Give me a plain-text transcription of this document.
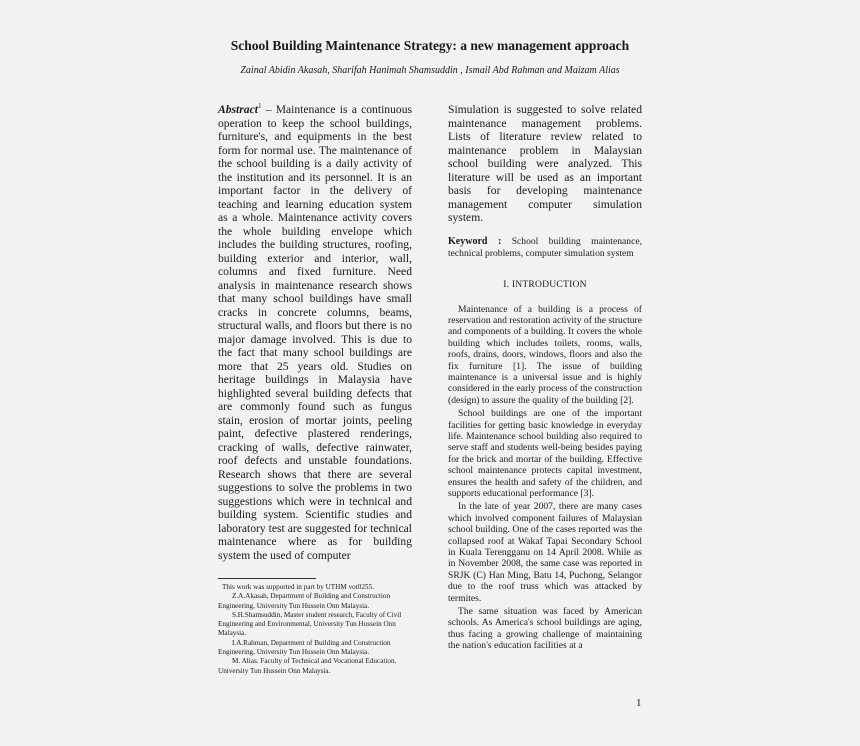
School Building Maintenance Strategy: a new management approach
Zainal Abidin Akasah, Sharifah Hanimah Shamsuddin , Ismail Abd Rahman and Maizam Alias
Abstract$^1$ – Maintenance is a continuous operation to keep the school buildings, furniture's, and equipments in the best form for normal use. The maintenance of the school building is a daily activity of the institution and its personnel. It is an important factor in the delivery of teaching and learning education system as a whole. Maintenance activity covers the whole building envelope which includes the building structures, roofing, building exterior and interior, wall, columns and fixed furniture. Need analysis in maintenance research shows that many school buildings have small cracks in concrete columns, beams, structural walls, and floors but there is no major damage involved. This is due to the fact that many school buildings are more that 25 years old. Studies on heritage buildings in Malaysia have highlighted several building defects that are commonly found such as fungus stain, erosion of mortar joints, peeling paint, defective plastered renderings, cracking of walls, defective rainwater, roof defects and unstable foundations. Research shows that there are several suggestions to solve the problems in two suggestions which were in technical and building system. Scientific studies and laboratory test are suggested for technical maintenance where as for building system the used of computer

Simulation is suggested to solve related maintenance management problems. Lists of literature review related to maintenance problem in Malaysian school building were analyzed. This literature will be used as an important basis for developing maintenance management computer simulation system.

Keyword : School building maintenance, technical problems, computer simulation system

I. INTRODUCTION

Maintenance of a building is a process of reservation and restoration activity of the structure and components of a building. It covers the whole building which includes toilets, rooms, walls, roofs, drains, doors, windows, floors and also the fix furniture [1]. The issue of building maintenance is a universal issue and is highly considered in the early process of the construction (design) to assure the quality of the building [2].

School buildings are one of the important facilities for getting basic knowledge in everyday life. Maintenance school building also required to serve staff and students well-being besides paying for the brick and mortar of the building. Effective school maintenance protects capital investment, ensures the health and safety of the children, and supports educational performance [3].

In the late of year 2007, there are many cases which involved component failures of Malaysian school building. One of the cases reported was the collapsed roof at Wakaf Tapai Secondary School in Kuala Terengganu on 14 April 2008. While as in November 2008, the same case was reported in SRJK (C) Han Ming, Batu 14, Puchong, Selangor due to the roof truss which was attacked by termites.

The same situation was faced by American schools. As America's school buildings are aging, thus facing a growing challenge of maintaining the nation's education facilities at a

This work was supported in part by UTHM vot0255.

Z.A.Akasah, Department of Building and Construction Engineering, University Tun Hussein Onn Malaysia.

S.H.Shamsuddin, Master student research, Faculty of Civil Engineering and Environmental, University Tun Hussein Onn Malaysia.

I.A.Rahman, Department of Building and Construction Engineering, University Tun Hussein Onn Malaysia.

M. Alias. Faculty of Technical and Vocational Education. University Tun Hussein Onn Malaysia.

1
